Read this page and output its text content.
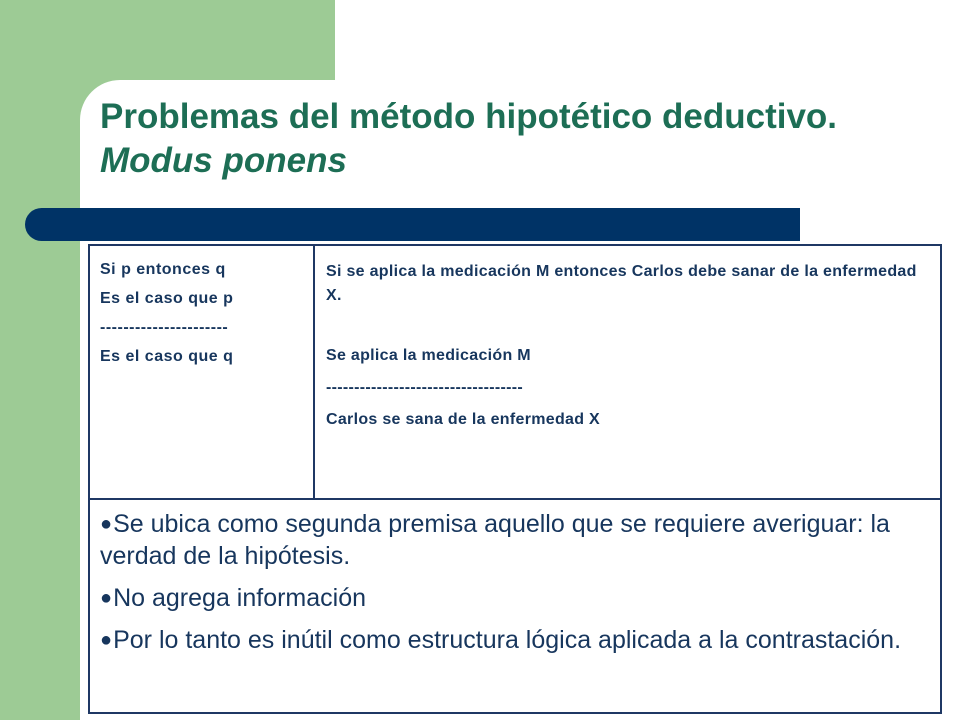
Problemas del método hipotético deductivo. Modus ponens

Si p entonces q

Es el caso que p

----------------------

Es el caso que q

Si se aplica la medicación M entonces Carlos debe sanar de la enfermedad X.

Se aplica la medicación M

-----------------------------------

Carlos se sana de la enfermedad X

●Se ubica como segunda premisa aquello que se requiere averiguar: la verdad de la hipótesis.

●No agrega información

●Por lo tanto es inútil como estructura lógica aplicada a la contrastación.
